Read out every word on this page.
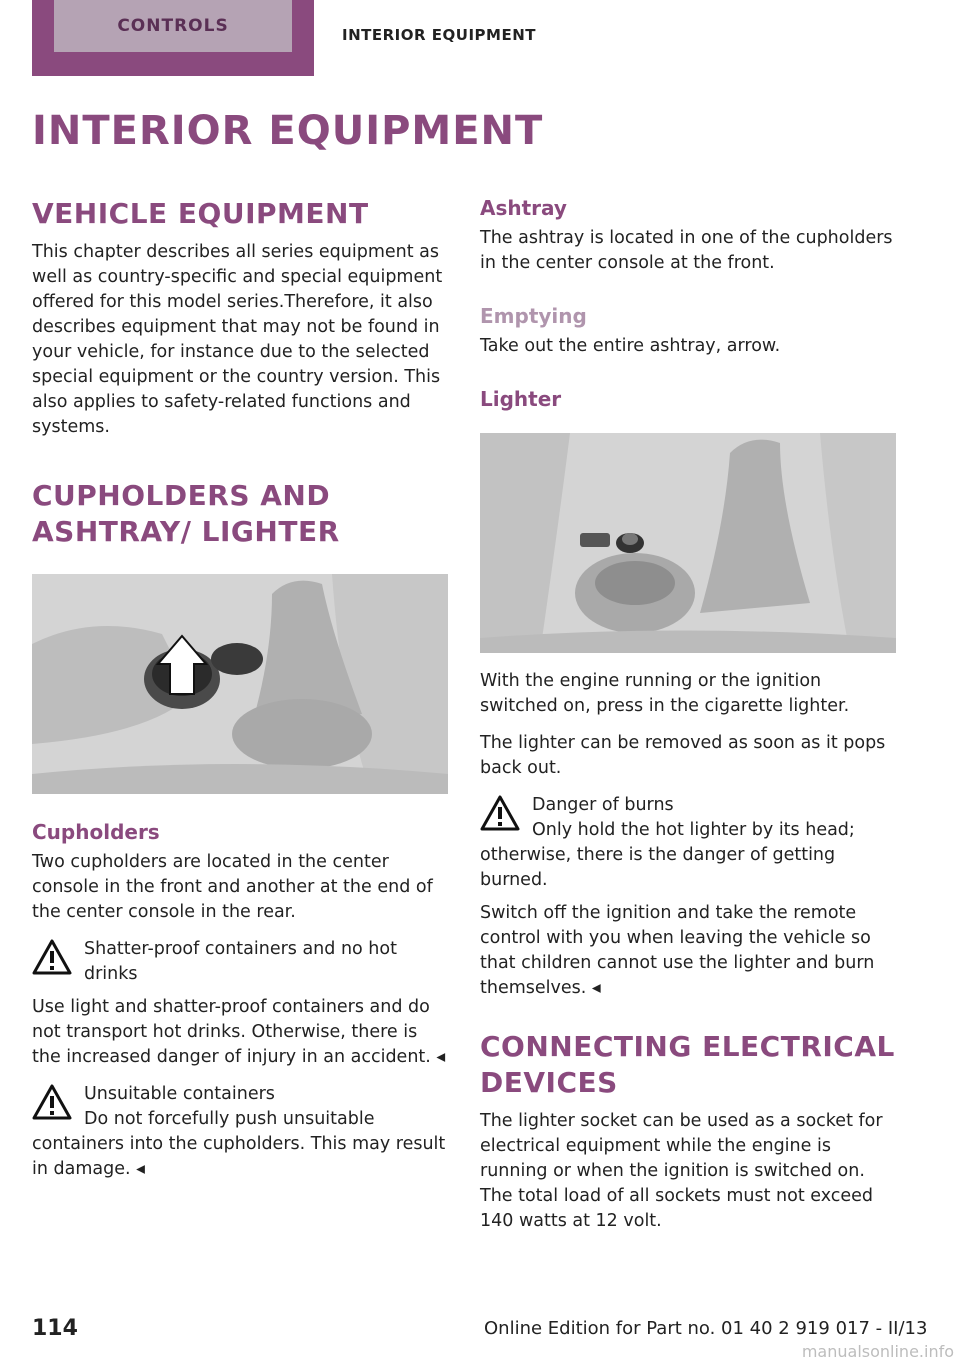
CONTROLS	INTERIOR EQUIPMENT
INTERIOR EQUIPMENT
VEHICLE EQUIPMENT

This chapter describes all series equipment as well as country-specific and special equipment offered for this model series.Therefore, it also describes equipment that may not be found in your vehicle, for instance due to the selected special equipment or the country version. This also applies to safety-related functions and systems.

CUPHOLDERS AND ASHTRAY/ LIGHTER
Cupholders

Two cupholders are located in the center console in the front and another at the end of the center console in the rear.

Shatter-proof containers and no hot drinks

Use light and shatter-proof containers and do not transport hot drinks. Otherwise, there is the increased danger of injury in an accident. ◂

Unsuitable containers

Do not forcefully push unsuitable containers into the cupholders. This may result in damage. ◂

Ashtray

The ashtray is located in one of the cupholders in the center console at the front.

Emptying

Take out the entire ashtray, arrow.

Lighter

With the engine running or the ignition switched on, press in the cigarette lighter.

The lighter can be removed as soon as it pops back out.

Danger of burns

Only hold the hot lighter by its head; otherwise, there is the danger of getting burned.

Switch off the ignition and take the remote control with you when leaving the vehicle so that children cannot use the lighter and burn themselves. ◂

CONNECTING ELECTRICAL DEVICES

The lighter socket can be used as a socket for electrical equipment while the engine is running or when the ignition is switched on. The total load of all sockets must not exceed 140 watts at 12 volt.

114	Online Edition for Part no. 01 40 2 919 017 - II/13
manualsonline.info
